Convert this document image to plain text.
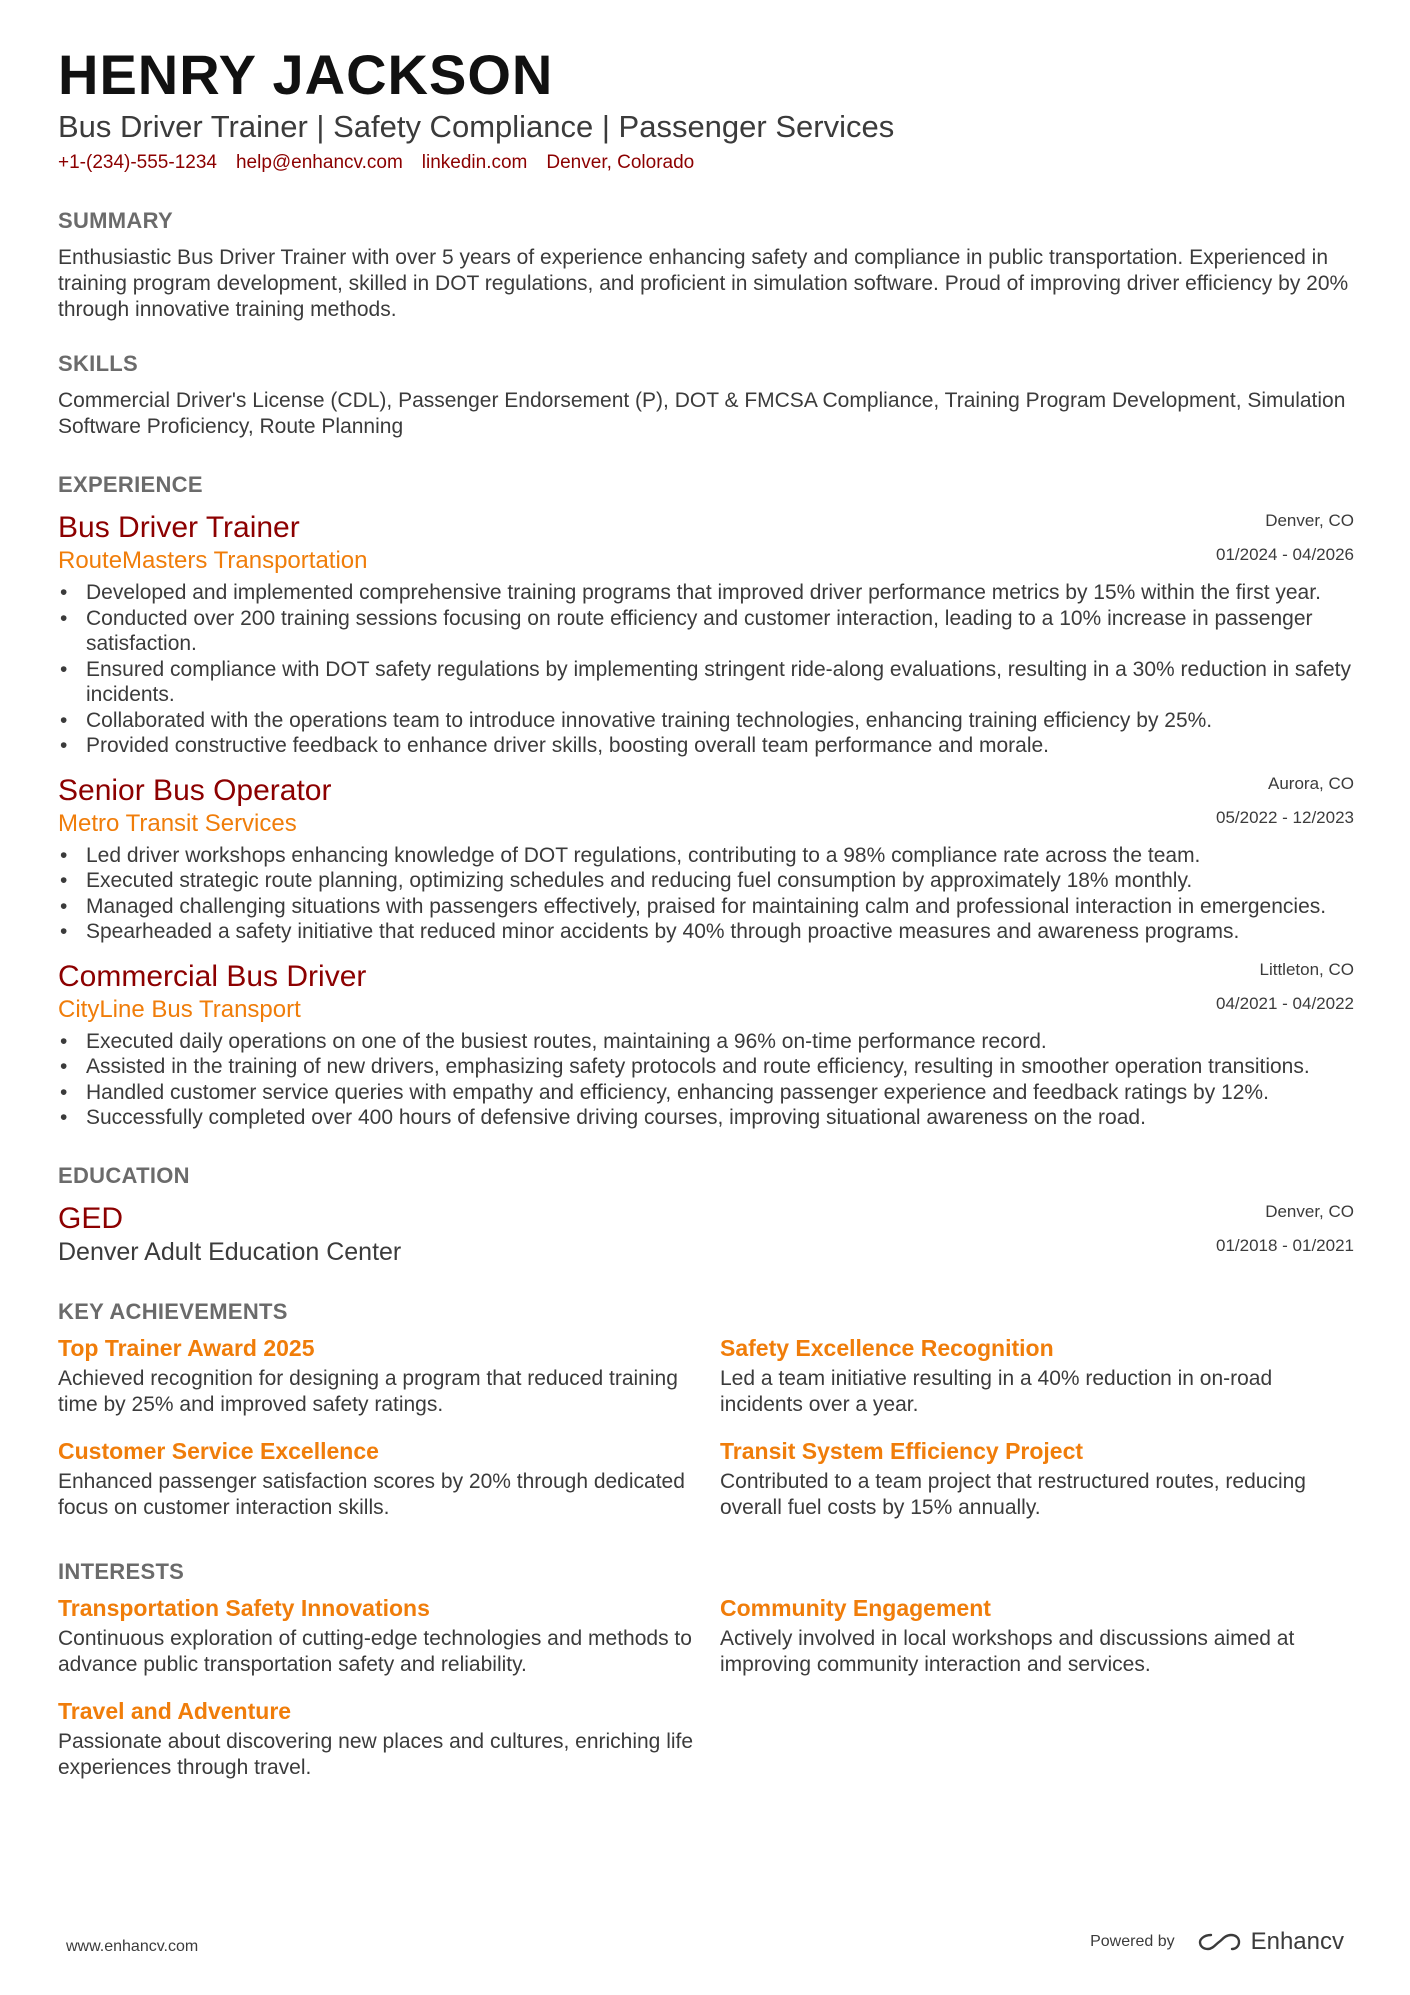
HENRY JACKSON
Bus Driver Trainer | Safety Compliance | Passenger Services
+1-(234)-555-1234 help@enhancv.com linkedin.com Denver, Colorado
SUMMARY
Enthusiastic Bus Driver Trainer with over 5 years of experience enhancing safety and compliance in public transportation. Experienced in training program development, skilled in DOT regulations, and proficient in simulation software. Proud of improving driver efficiency by 20% through innovative training methods.
SKILLS
Commercial Driver's License (CDL), Passenger Endorsement (P), DOT & FMCSA Compliance, Training Program Development, Simulation Software Proficiency, Route Planning
EXPERIENCE
Bus Driver Trainer
RouteMasters Transportation
Denver, CO
01/2024 - 04/2026
• Developed and implemented comprehensive training programs that improved driver performance metrics by 15% within the first year.
• Conducted over 200 training sessions focusing on route efficiency and customer interaction, leading to a 10% increase in passenger satisfaction.
• Ensured compliance with DOT safety regulations by implementing stringent ride-along evaluations, resulting in a 30% reduction in safety incidents.
• Collaborated with the operations team to introduce innovative training technologies, enhancing training efficiency by 25%.
• Provided constructive feedback to enhance driver skills, boosting overall team performance and morale.
Senior Bus Operator
Metro Transit Services
Aurora, CO
05/2022 - 12/2023
• Led driver workshops enhancing knowledge of DOT regulations, contributing to a 98% compliance rate across the team.
• Executed strategic route planning, optimizing schedules and reducing fuel consumption by approximately 18% monthly.
• Managed challenging situations with passengers effectively, praised for maintaining calm and professional interaction in emergencies.
• Spearheaded a safety initiative that reduced minor accidents by 40% through proactive measures and awareness programs.
Commercial Bus Driver
CityLine Bus Transport
Littleton, CO
04/2021 - 04/2022
• Executed daily operations on one of the busiest routes, maintaining a 96% on-time performance record.
• Assisted in the training of new drivers, emphasizing safety protocols and route efficiency, resulting in smoother operation transitions.
• Handled customer service queries with empathy and efficiency, enhancing passenger experience and feedback ratings by 12%.
• Successfully completed over 400 hours of defensive driving courses, improving situational awareness on the road.
EDUCATION
GED
Denver Adult Education Center
Denver, CO
01/2018 - 01/2021
KEY ACHIEVEMENTS
Top Trainer Award 2025
Achieved recognition for designing a program that reduced training time by 25% and improved safety ratings.
Safety Excellence Recognition
Led a team initiative resulting in a 40% reduction in on-road incidents over a year.
Customer Service Excellence
Enhanced passenger satisfaction scores by 20% through dedicated focus on customer interaction skills.
Transit System Efficiency Project
Contributed to a team project that restructured routes, reducing overall fuel costs by 15% annually.
INTERESTS
Transportation Safety Innovations
Continuous exploration of cutting-edge technologies and methods to advance public transportation safety and reliability.
Community Engagement
Actively involved in local workshops and discussions aimed at improving community interaction and services.
Travel and Adventure
Passionate about discovering new places and cultures, enriching life experiences through travel.
www.enhancv.com	Powered by	Enhancv
